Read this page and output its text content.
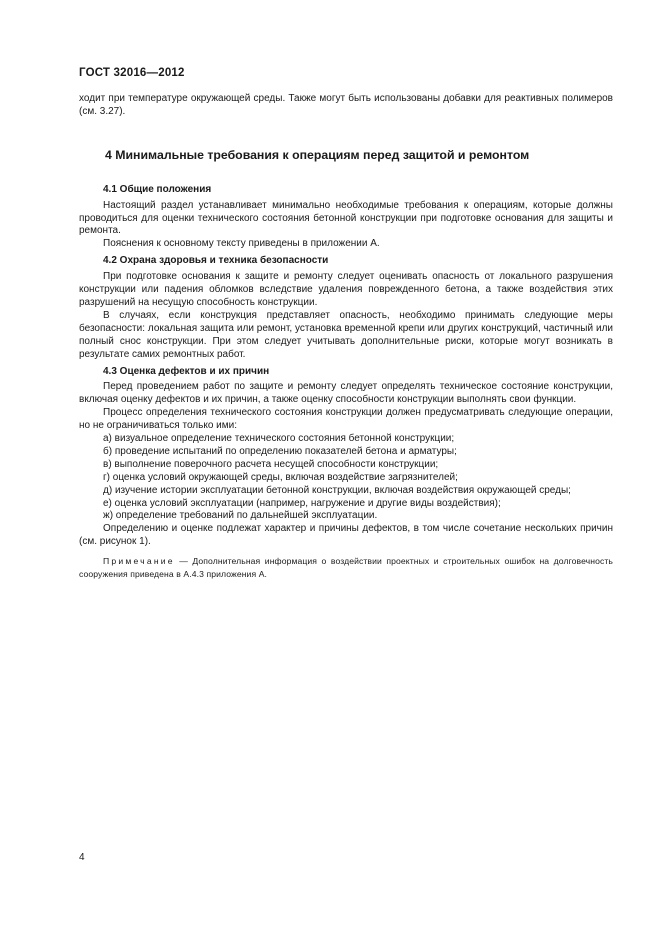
ГОСТ 32016—2012

ходит при температуре окружающей среды. Также могут быть использованы добавки для реактивных полимеров (см. 3.27).

4 Минимальные требования к операциям перед защитой и ремонтом
4.1 Общие положения

Настоящий раздел устанавливает минимально необходимые требования к операциям, которые должны проводиться для оценки технического состояния бетонной конструкции при подготовке основания для защиты и ремонта.

Пояснения к основному тексту приведены в приложении А.

4.2 Охрана здоровья и техника безопасности

При подготовке основания к защите и ремонту следует оценивать опасность от локального разрушения конструкции или падения обломков вследствие удаления поврежденного бетона, а также воздействия этих разрушений на несущую способность конструкции.

В случаях, если конструкция представляет опасность, необходимо принимать следующие меры безопасности: локальная защита или ремонт, установка временной крепи или других конструкций, частичный или полный снос конструкции. При этом следует учитывать дополнительные риски, которые могут возникать в результате самих ремонтных работ.

4.3 Оценка дефектов и их причин

Перед проведением работ по защите и ремонту следует определять техническое состояние конструкции, включая оценку дефектов и их причин, а также оценку способности конструкции выполнять свои функции.

Процесс определения технического состояния конструкции должен предусматривать следующие операции, но не ограничиваться только ими:

а) визуальное определение технического состояния бетонной конструкции;

б) проведение испытаний по определению показателей бетона и арматуры;

в) выполнение поверочного расчета несущей способности конструкции;

г) оценка условий окружающей среды, включая воздействие загрязнителей;

д) изучение истории эксплуатации бетонной конструкции, включая воздействия окружающей среды;

е) оценка условий эксплуатации (например, нагружение и другие виды воздействия);

ж) определение требований по дальнейшей эксплуатации.

Определению и оценке подлежат характер и причины дефектов, в том числе сочетание нескольких причин (см. рисунок 1).

Примечание — Дополнительная информация о воздействии проектных и строительных ошибок на долговечность сооружения приведена в А.4.3 приложения А.

4
